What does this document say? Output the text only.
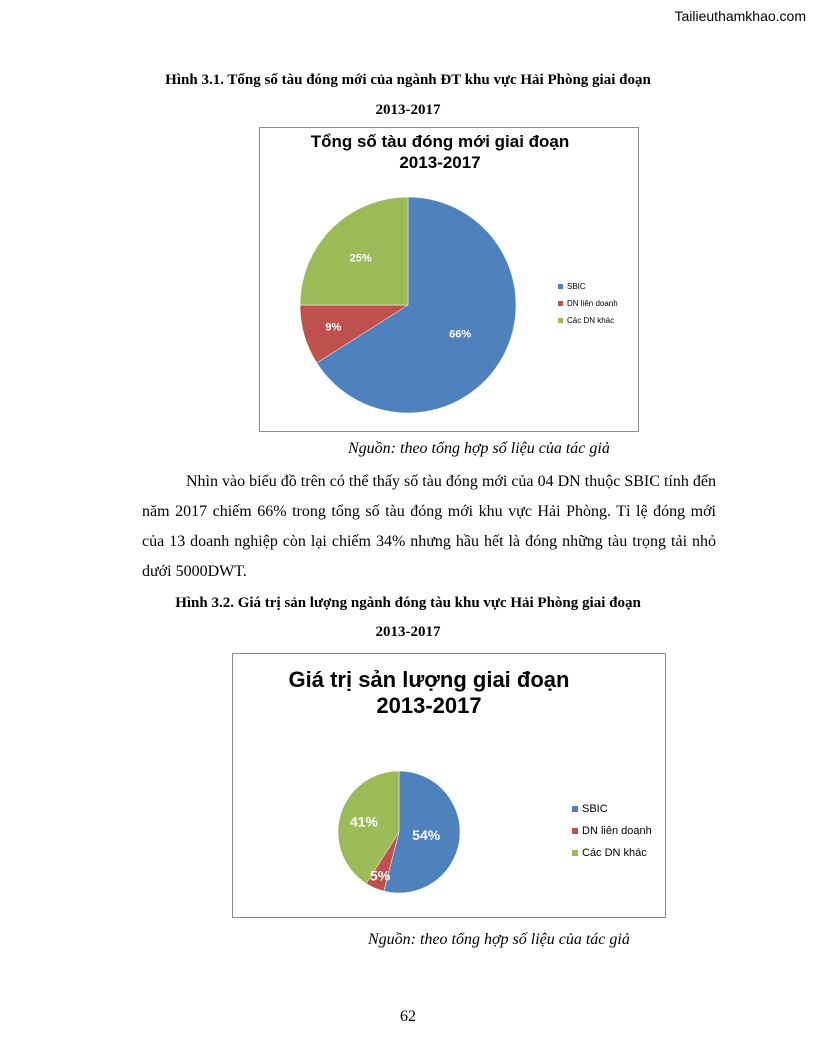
Tailieuthamkhao.com
Hình 3.1. Tổng số tàu đóng mới của ngành ĐT khu vực Hải Phòng giai đoạn
2013-2017
Tổng số tàu đóng mới giai đoạn
2013-2017
66%
9%
25%
SBIC
DN liên doanh
Các DN khác
Nguồn: theo tổng hợp số liệu của tác giả
Nhìn vào biểu đồ trên có thể thấy số tàu đóng mới của 04 DN thuộc SBIC tính đến năm 2017 chiếm 66% trong tổng số tàu đóng mới khu vực Hải Phòng. Tỉ lệ đóng mới của 13 doanh nghiệp còn lại chiếm 34% nhưng hầu hết là đóng những tàu trọng tải nhỏ dưới 5000DWT.
Hình 3.2. Giá trị sản lượng ngành đóng tàu khu vực Hải Phòng giai đoạn
2013-2017
Giá trị sản lượng giai đoạn
2013-2017
54%
5%
41%
SBIC
DN liên doanh
Các DN khác
Nguồn: theo tổng hợp số liệu của tác giả
62
